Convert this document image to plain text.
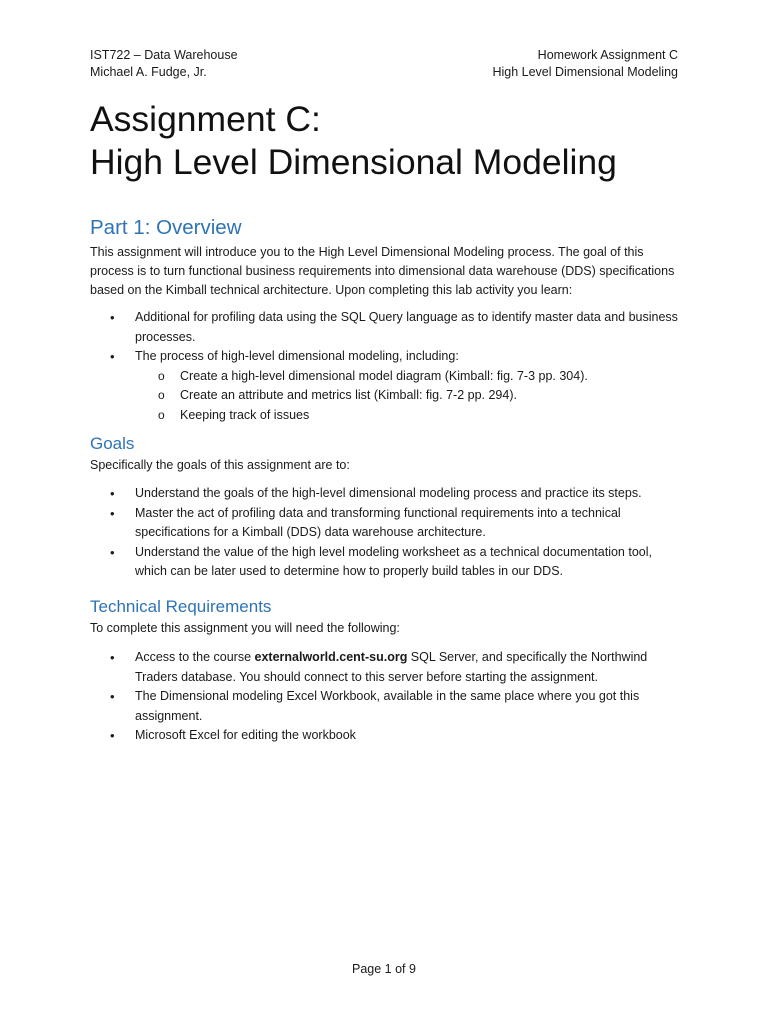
IST722 – Data Warehouse
Michael A. Fudge, Jr.
Homework Assignment C
High Level Dimensional Modeling
Assignment C:
High Level Dimensional Modeling
Part 1: Overview

This assignment will introduce you to the High Level Dimensional Modeling process. The goal of this process is to turn functional business requirements into dimensional data warehouse (DDS) specifications based on the Kimball technical architecture. Upon completing this lab activity you learn:

• Additional for profiling data using the SQL Query language as to identify master data and business processes.
• The process of high-level dimensional modeling, including:
o Create a high-level dimensional model diagram (Kimball: fig. 7-3 pp. 304).
o Create an attribute and metrics list (Kimball: fig. 7-2 pp. 294).
o Keeping track of issues
Goals

Specifically the goals of this assignment are to:

• Understand the goals of the high-level dimensional modeling process and practice its steps.
• Master the act of profiling data and transforming functional requirements into a technical specifications for a Kimball (DDS) data warehouse architecture.
• Understand the value of the high level modeling worksheet as a technical documentation tool, which can be later used to determine how to properly build tables in our DDS.
Technical Requirements

To complete this assignment you will need the following:

• Access to the course externalworld.cent-su.org SQL Server, and specifically the Northwind Traders database. You should connect to this server before starting the assignment.
• The Dimensional modeling Excel Workbook, available in the same place where you got this assignment.
• Microsoft Excel for editing the workbook
Page 1 of 9
